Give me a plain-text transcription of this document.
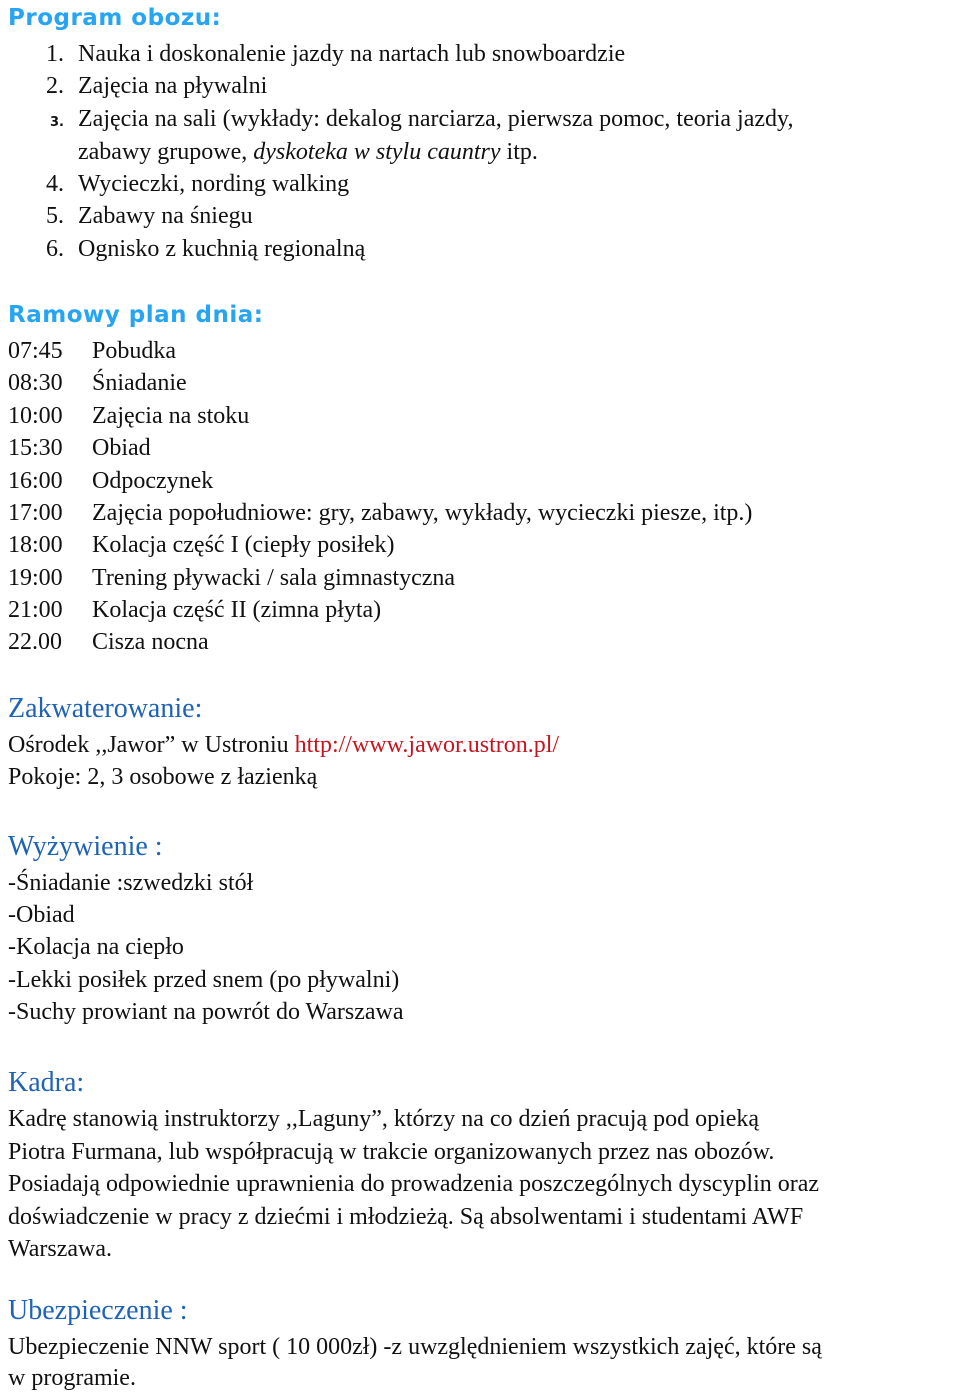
Program obozu:
1. Nauka i doskonalenie jazdy na nartach lub snowboardzie
2. Zajęcia na pływalni
3. Zajęcia na sali (wykłady: dekalog narciarza, pierwsza pomoc, teoria jazdy,
zabawy grupowe, dyskoteka w stylu cauntry itp.
4. Wycieczki, nording walking
5. Zabawy na śniegu
6. Ognisko z kuchnią regionalną
Ramowy plan dnia:
07:45 Pobudka
08:30 Śniadanie
10:00 Zajęcia na stoku
15:30 Obiad
16:00 Odpoczynek
17:00 Zajęcia popołudniowe: gry, zabawy, wykłady, wycieczki piesze, itp.)
18:00 Kolacja część I (ciepły posiłek)
19:00 Trening pływacki / sala gimnastyczna
21:00 Kolacja część II (zimna płyta)
22.00 Cisza nocna
Zakwaterowanie:
Ośrodek ,,Jawor” w Ustroniu http://www.jawor.ustron.pl/
Pokoje: 2, 3 osobowe z łazienką
Wyżywienie :
-Śniadanie :szwedzki stół
-Obiad
-Kolacja na ciepło
-Lekki posiłek przed snem (po pływalni)
-Suchy prowiant na powrót do Warszawa
Kadra:
Kadrę stanowią instruktorzy ,,Laguny”, którzy na co dzień pracują pod opieką
Piotra Furmana, lub współpracują w trakcie organizowanych przez nas obozów.
Posiadają odpowiednie uprawnienia do prowadzenia poszczególnych dyscyplin oraz
doświadczenie w pracy z dziećmi i młodzieżą. Są absolwentami i studentami AWF
Warszawa.
Ubezpieczenie :
Ubezpieczenie NNW sport ( 10 000zł) -z uwzględnieniem wszystkich zajęć, które są
w programie.
